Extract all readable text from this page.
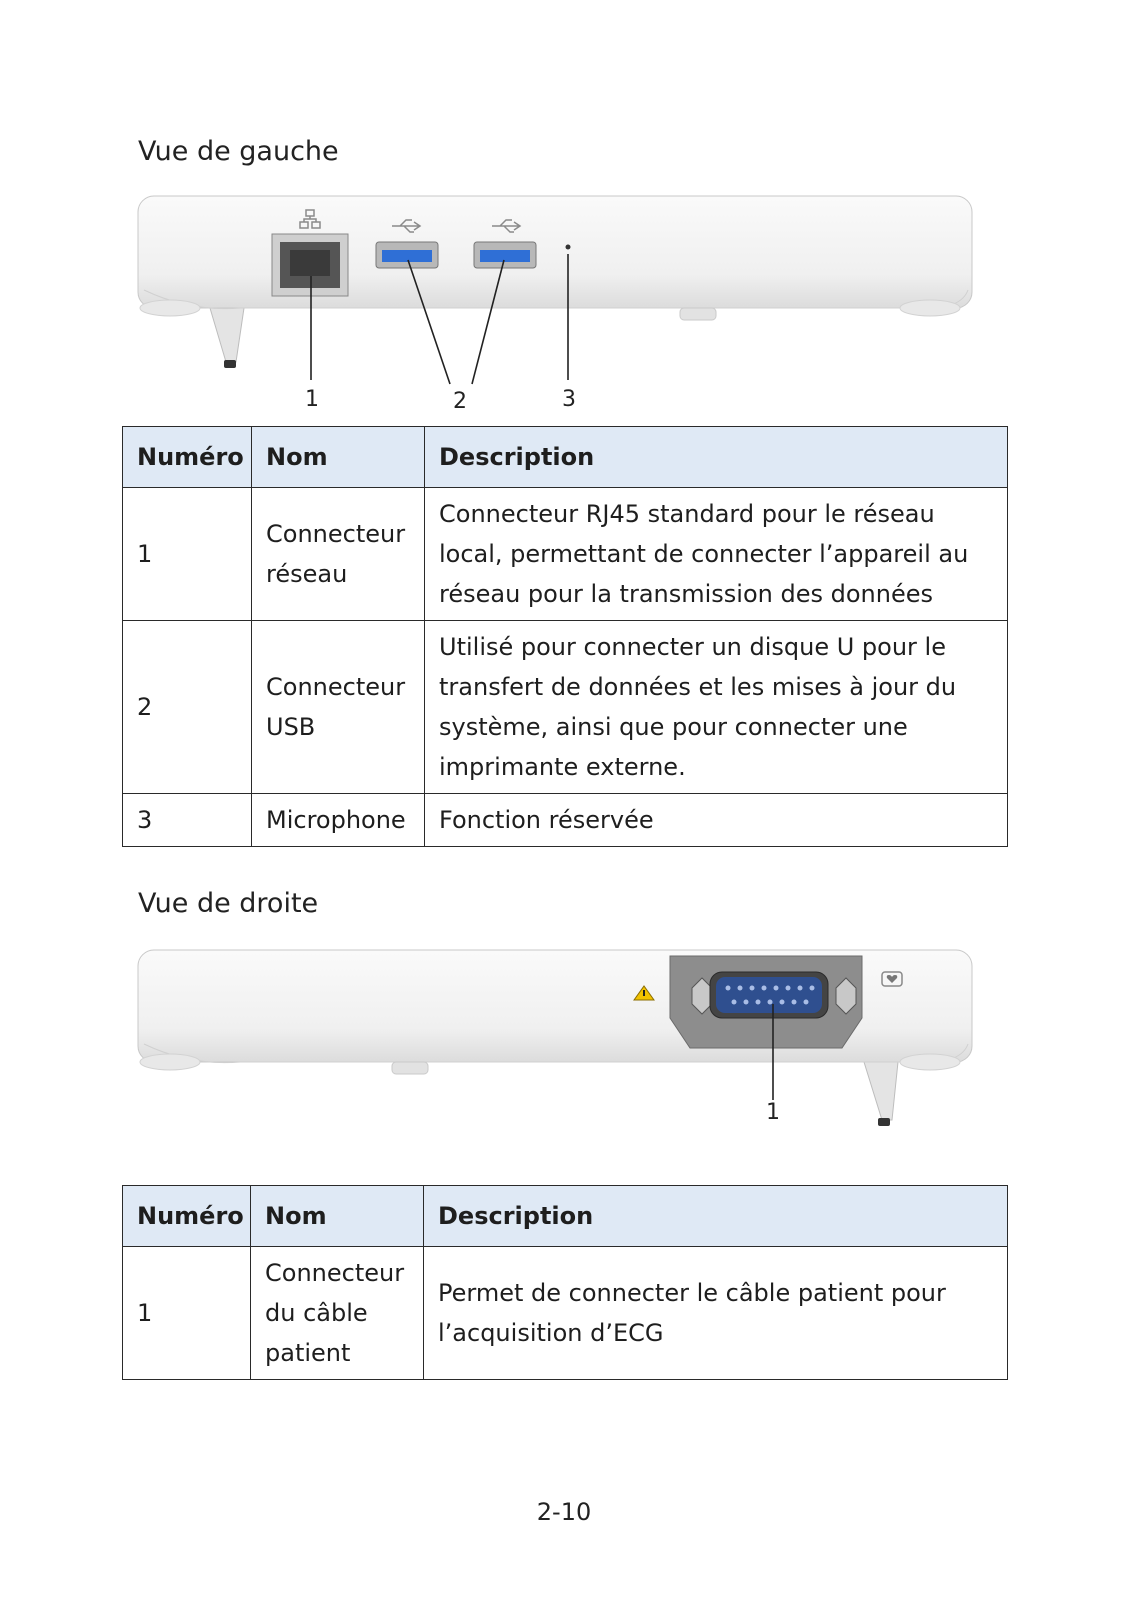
Vue de gauche
1	2	3
Numéro	Nom	Description
1	Connecteur réseau	Connecteur RJ45 standard pour le réseau local, permettant de connecter l’appareil au réseau pour la transmission des données
2	Connecteur USB	Utilisé pour connecter un disque U pour le transfert de données et les mises à jour du système, ainsi que pour connecter une imprimante externe.
3	Microphone	Fonction réservée
Vue de droite
1
Numéro	Nom	Description
1	Connecteur du câble patient	Permet de connecter le câble patient pour l’acquisition d’ECG
2-10
